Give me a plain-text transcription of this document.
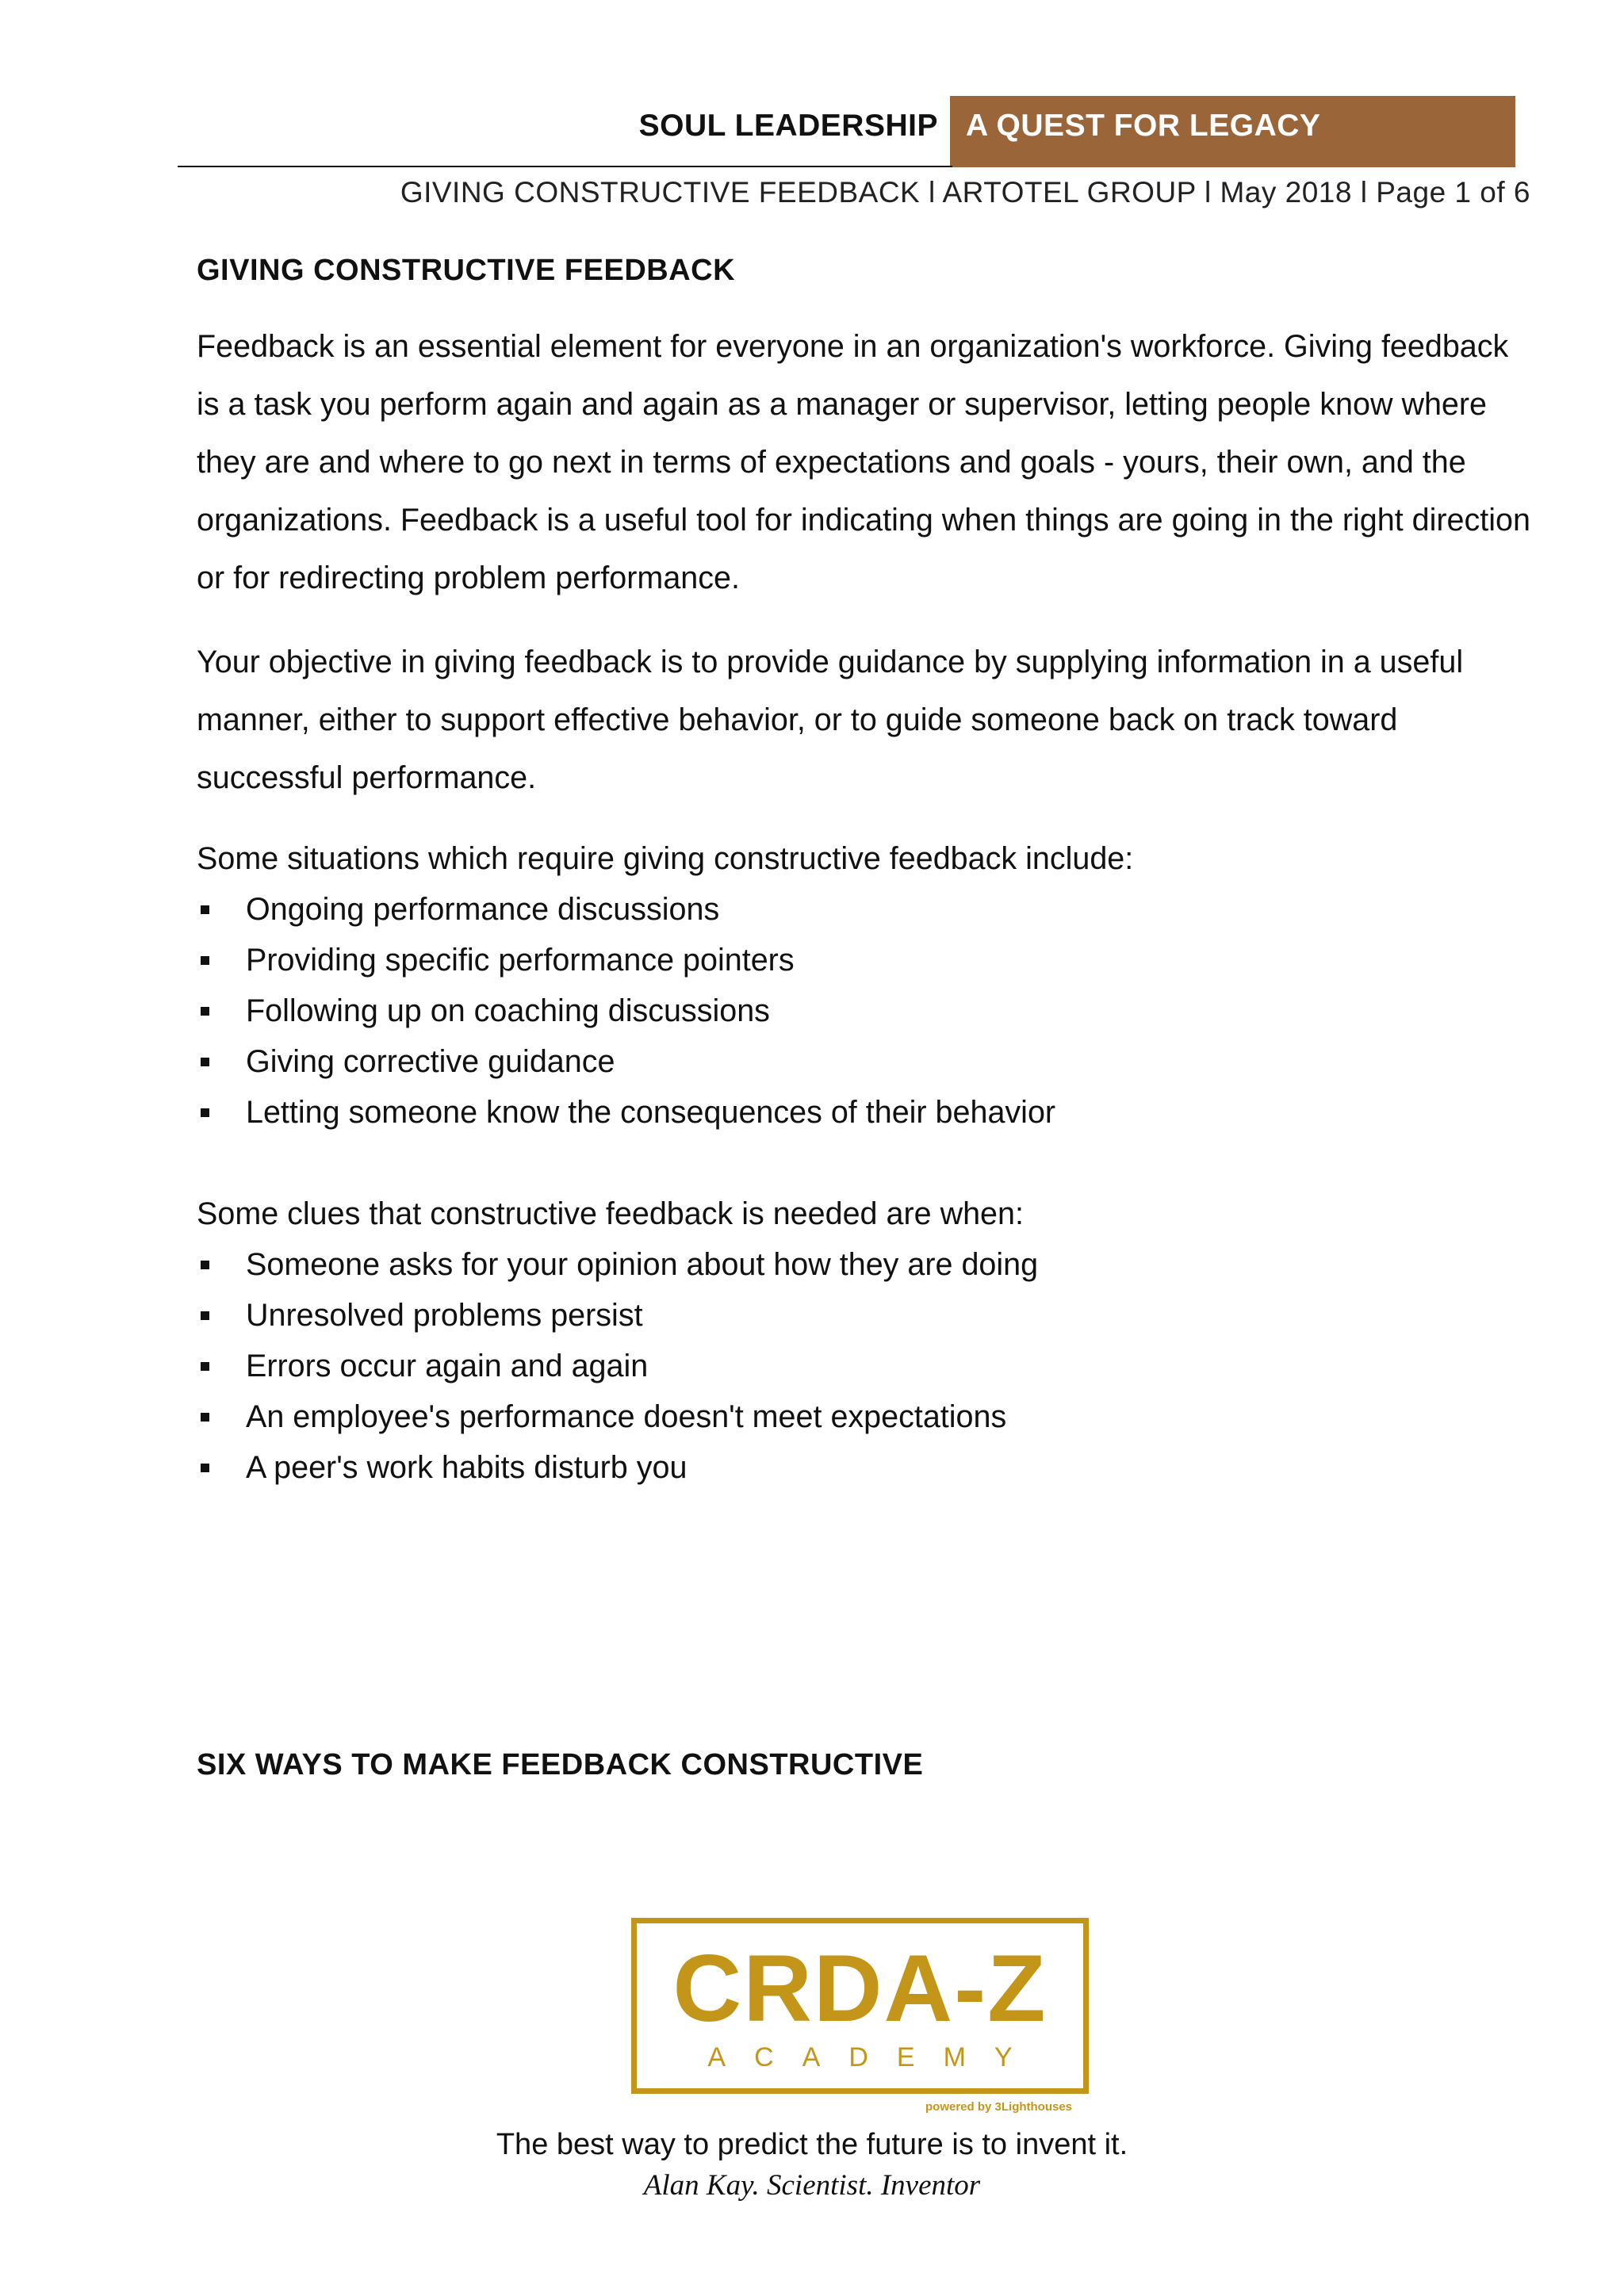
SOUL LEADERSHIP A QUEST FOR LEGACY
GIVING CONSTRUCTIVE FEEDBACK l ARTOTEL GROUP l May 2018 l Page 1 of 6
GIVING CONSTRUCTIVE FEEDBACK

Feedback is an essential element for everyone in an organization's workforce. Giving feedback is a task you perform again and again as a manager or supervisor, letting people know where they are and where to go next in terms of expectations and goals - yours, their own, and the organizations. Feedback is a useful tool for indicating when things are going in the right direction or for redirecting problem performance.

Your objective in giving feedback is to provide guidance by supplying information in a useful manner, either to support effective behavior, or to guide someone back on track toward successful performance.

Some situations which require giving constructive feedback include:

Ongoing performance discussions
Providing specific performance pointers
Following up on coaching discussions
Giving corrective guidance
Letting someone know the consequences of their behavior

Some clues that constructive feedback is needed are when:

Someone asks for your opinion about how they are doing
Unresolved problems persist
Errors occur again and again
An employee's performance doesn't meet expectations
A peer's work habits disturb you
SIX WAYS TO MAKE FEEDBACK CONSTRUCTIVE
CRDA-Z
ACADEMY
powered by 3Lighthouses
The best way to predict the future is to invent it.
Alan Kay. Scientist. Inventor
